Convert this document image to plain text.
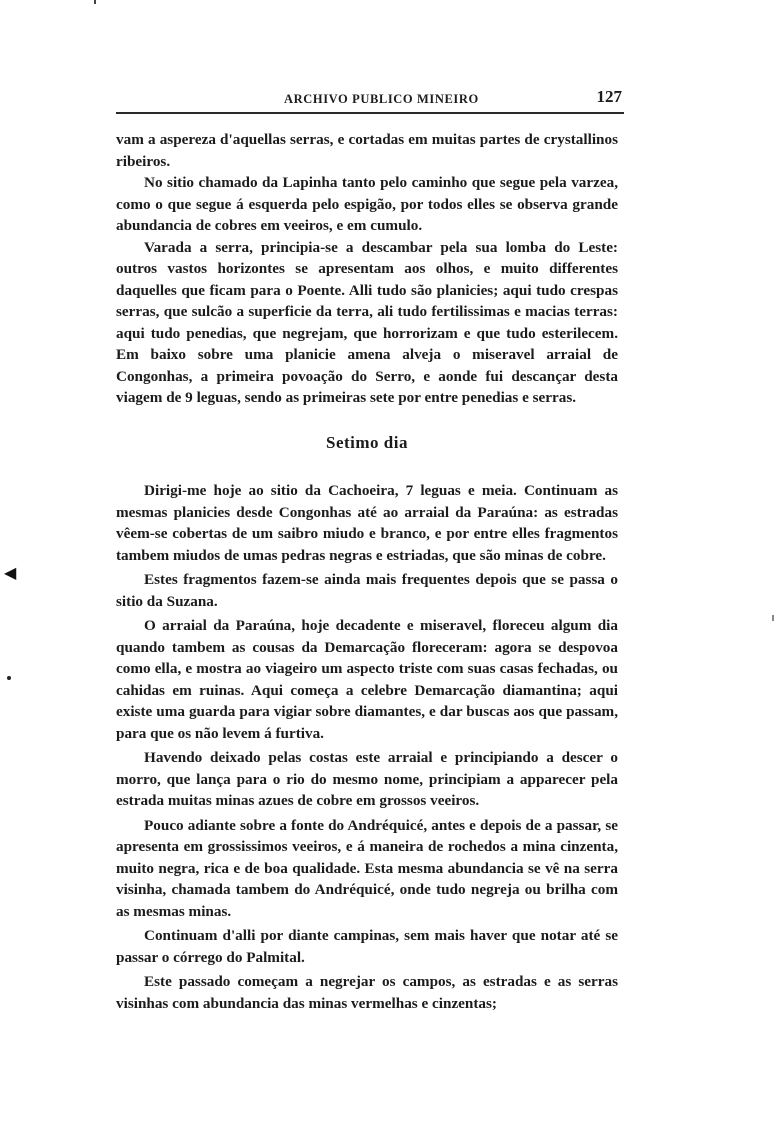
ARCHIVO PUBLICO MINEIRO	127

vam a aspereza d'aquellas serras, e cortadas em muitas partes de crystallinos ribeiros.

No sitio chamado da Lapinha tanto pelo caminho que segue pela varzea, como o que segue á esquerda pelo espigão, por todos elles se observa grande abundancia de cobres em veeiros, e em cumulo.

Varada a serra, principia-se a descambar pela sua lomba do Leste: outros vastos horizontes se apresentam aos olhos, e muito differentes daquelles que ficam para o Poente. Alli tudo são planicies; aqui tudo crespas serras, que sulcão a superficie da terra, ali tudo fertilissimas e macias terras: aqui tudo penedias, que negrejam, que horrorizam e que tudo esterilecem. Em baixo sobre uma planicie amena alveja o miseravel arraial de Congonhas, a primeira povoação do Serro, e aonde fui descançar desta viagem de 9 leguas, sendo as primeiras sete por entre penedias e serras.

Setimo dia

Dirigi-me hoje ao sitio da Cachoeira, 7 leguas e meia. Continuam as mesmas planicies desde Congonhas até ao arraial da Paraúna: as estradas vêem-se cobertas de um saibro miudo e branco, e por entre elles fragmentos tambem miudos de umas pedras negras e estriadas, que são minas de cobre.

Estes fragmentos fazem-se ainda mais frequentes depois que se passa o sitio da Suzana.

O arraial da Paraúna, hoje decadente e miseravel, floreceu algum dia quando tambem as cousas da Demarcação floreceram: agora se despovoa como ella, e mostra ao viageiro um aspecto triste com suas casas fechadas, ou cahidas em ruinas. Aqui começa a celebre Demarcação diamantina; aqui existe uma guarda para vigiar sobre diamantes, e dar buscas aos que passam, para que os não levem á furtiva.

Havendo deixado pelas costas este arraial e principiando a descer o morro, que lança para o rio do mesmo nome, principiam a apparecer pela estrada muitas minas azues de cobre em grossos veeiros.

Pouco adiante sobre a fonte do Andréquicé, antes e depois de a passar, se apresenta em grossissimos veeiros, e á maneira de rochedos a mina cinzenta, muito negra, rica e de boa qualidade. Esta mesma abundancia se vê na serra visinha, chamada tambem do Andréquicé, onde tudo negreja ou brilha com as mesmas minas.

Continuam d'alli por diante campinas, sem mais haver que notar até se passar o córrego do Palmital.

Este passado começam a negrejar os campos, as estradas e as serras visinhas com abundancia das minas vermelhas e cinzentas;

◀
